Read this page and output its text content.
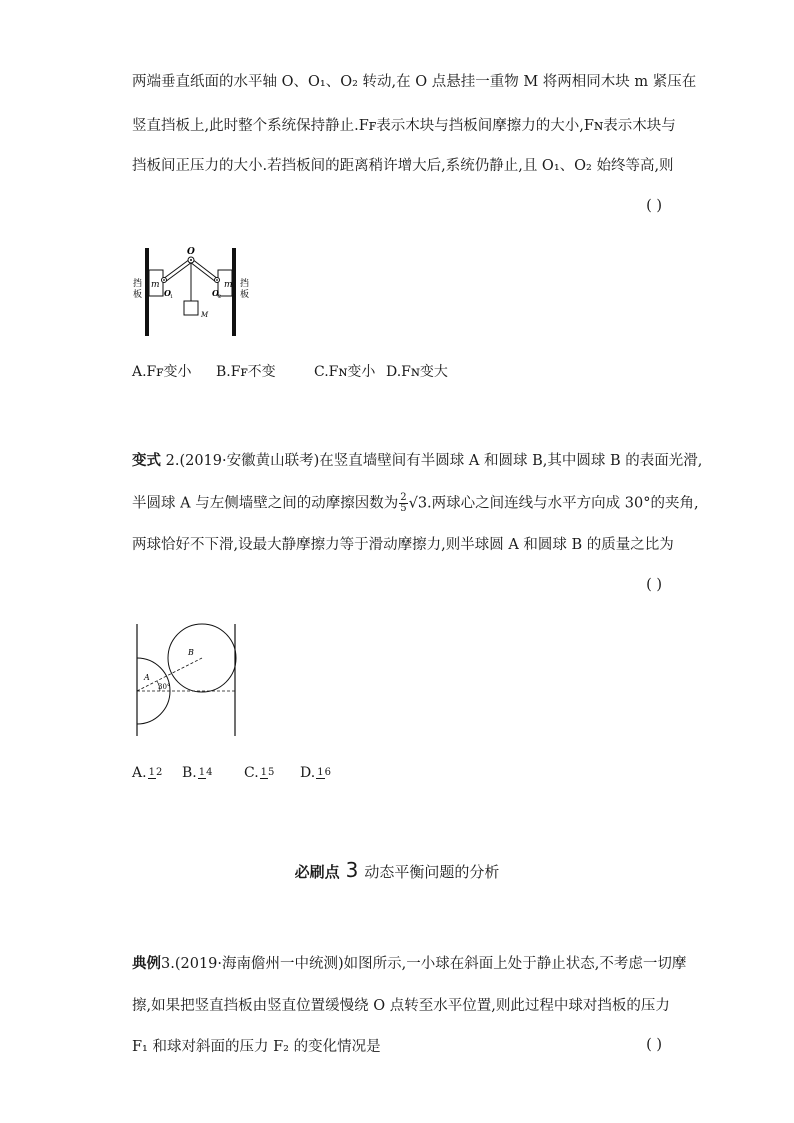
两端垂直纸面的水平轴 O、O₁、O₂ 转动,在 O 点悬挂一重物 M 将两相同木块 m 紧压在
竖直挡板上,此时整个系统保持静止.Fꜰ表示木块与挡板间摩擦力的大小,Fɴ表示木块与
挡板间正压力的大小.若挡板间的距离稍许增大后,系统仍静止,且 O₁、O₂ 始终等高,则
( )
挡
板
挡
板
m	m
O
O 1	O 2
M
A.Fꜰ变小 B.Fꜰ不变	C.Fɴ变小 D.Fɴ变大
变式 2.(2019·安徽黄山联考)在竖直墙壁间有半圆球 A 和圆球 B,其中圆球 B 的表面光滑,
半圆球 A 与左侧墙壁之间的动摩擦因数为 $\frac{2}{5} √3$.两球心之间连线与水平方向成 30°的夹角,
两球恰好不下滑,设最大静摩擦力等于滑动摩擦力,则半球圆 A 和圆球 B 的质量之比为
( )
A
B
30°
A. 12 B. 14 C. 15 D. 16
必刷点 3 动态平衡问题的分析
典例3.(2019·海南儋州一中统测)如图所示,一小球在斜面上处于静止状态,不考虑一切摩
擦,如果把竖直挡板由竖直位置缓慢绕 O 点转至水平位置,则此过程中球对挡板的压力
F₁ 和球对斜面的压力 F₂ 的变化情况是	( )
